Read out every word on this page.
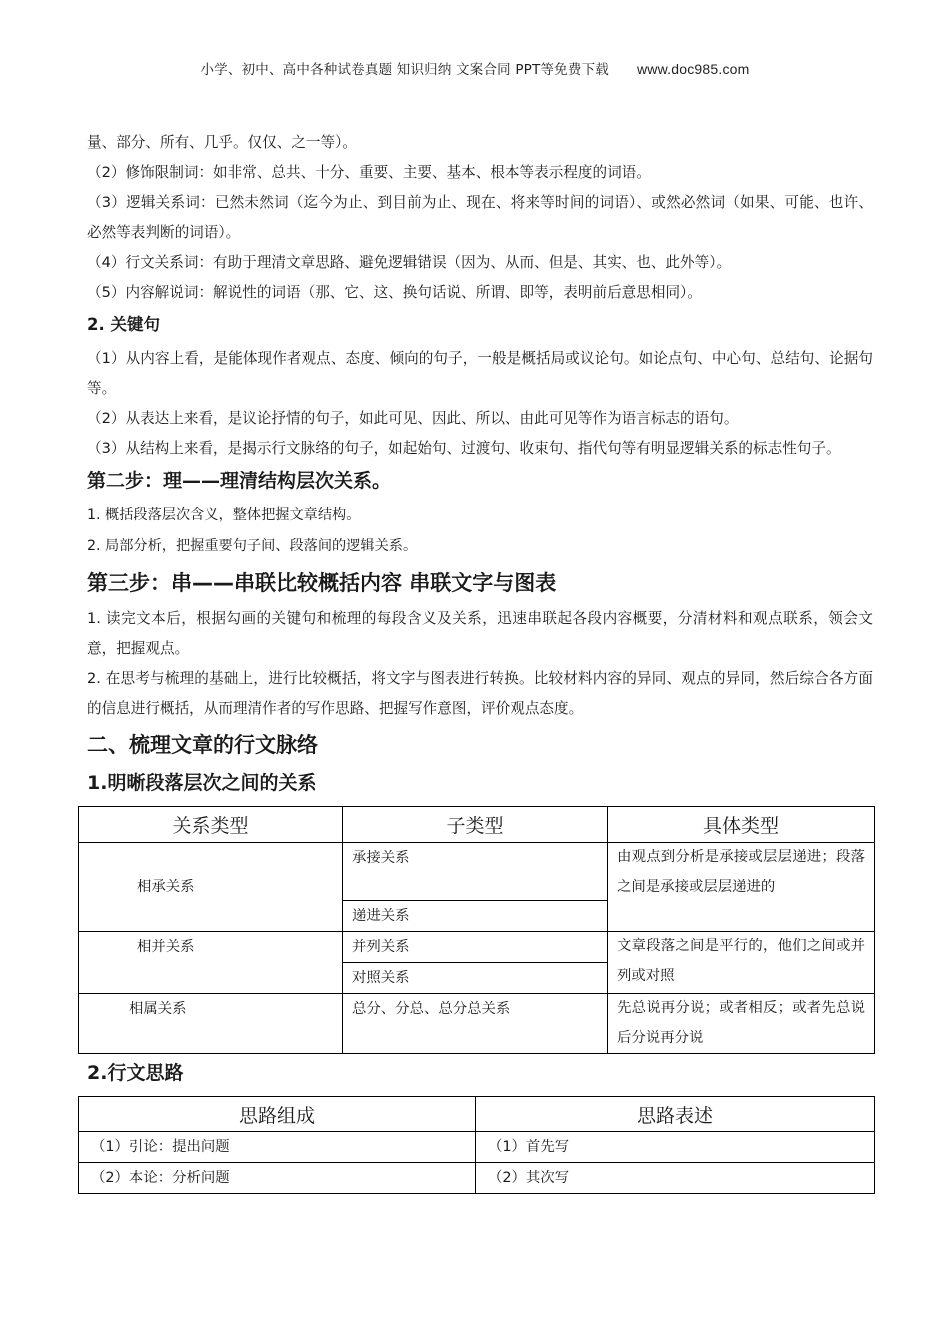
小学、初中、高中各种试卷真题 知识归纳 文案合同 PPT等免费下载 www.doc985.com

量、部分、所有、几乎。仅仅、之一等）。

（2）修饰限制词：如非常、总共、十分、重要、主要、基本、根本等表示程度的词语。

（3）逻辑关系词：已然未然词（迄今为止、到目前为止、现在、将来等时间的词语）、或然必然词（如果、可能、也许、必然等表判断的词语）。

（4）行文关系词：有助于理清文章思路、避免逻辑错误（因为、从而、但是、其实、也、此外等）。

（5）内容解说词：解说性的词语（那、它、这、换句话说、所谓、即等，表明前后意思相同）。

2. 关键句

（1）从内容上看，是能体现作者观点、态度、倾向的句子，一般是概括局或议论句。如论点句、中心句、总结句、论据句等。

（2）从表达上来看，是议论抒情的句子，如此可见、因此、所以、由此可见等作为语言标志的语句。

（3）从结构上来看，是揭示行文脉络的句子，如起始句、过渡句、收束句、指代句等有明显逻辑关系的标志性句子。

第二步：理——理清结构层次关系。

1. 概括段落层次含义，整体把握文章结构。

2. 局部分析，把握重要句子间、段落间的逻辑关系。

第三步：串——串联比较概括内容 串联文字与图表

1. 读完文本后，根据勾画的关键句和梳理的每段含义及关系，迅速串联起各段内容概要，分清材料和观点联系，领会文意，把握观点。

2. 在思考与梳理的基础上，进行比较概括，将文字与图表进行转换。比较材料内容的异同、观点的异同，然后综合各方面的信息进行概括，从而理清作者的写作思路、把握写作意图，评价观点态度。

二、梳理文章的行文脉络
1.明晰段落层次之间的关系
关系类型	子类型	具体类型
相承关系	承接关系	由观点到分析是承接或层层递进；段落之间是承接或层层递进的
	递进关系	
相并关系	并列关系	文章段落之间是平行的，他们之间或并列或对照
	对照关系	
相属关系	总分、分总、总分总关系	先总说再分说；或者相反；或者先总说后分说再分说
2.行文思路
思路组成	思路表述
（1）引论：提出问题	（1）首先写
（2）本论：分析问题	（2）其次写
